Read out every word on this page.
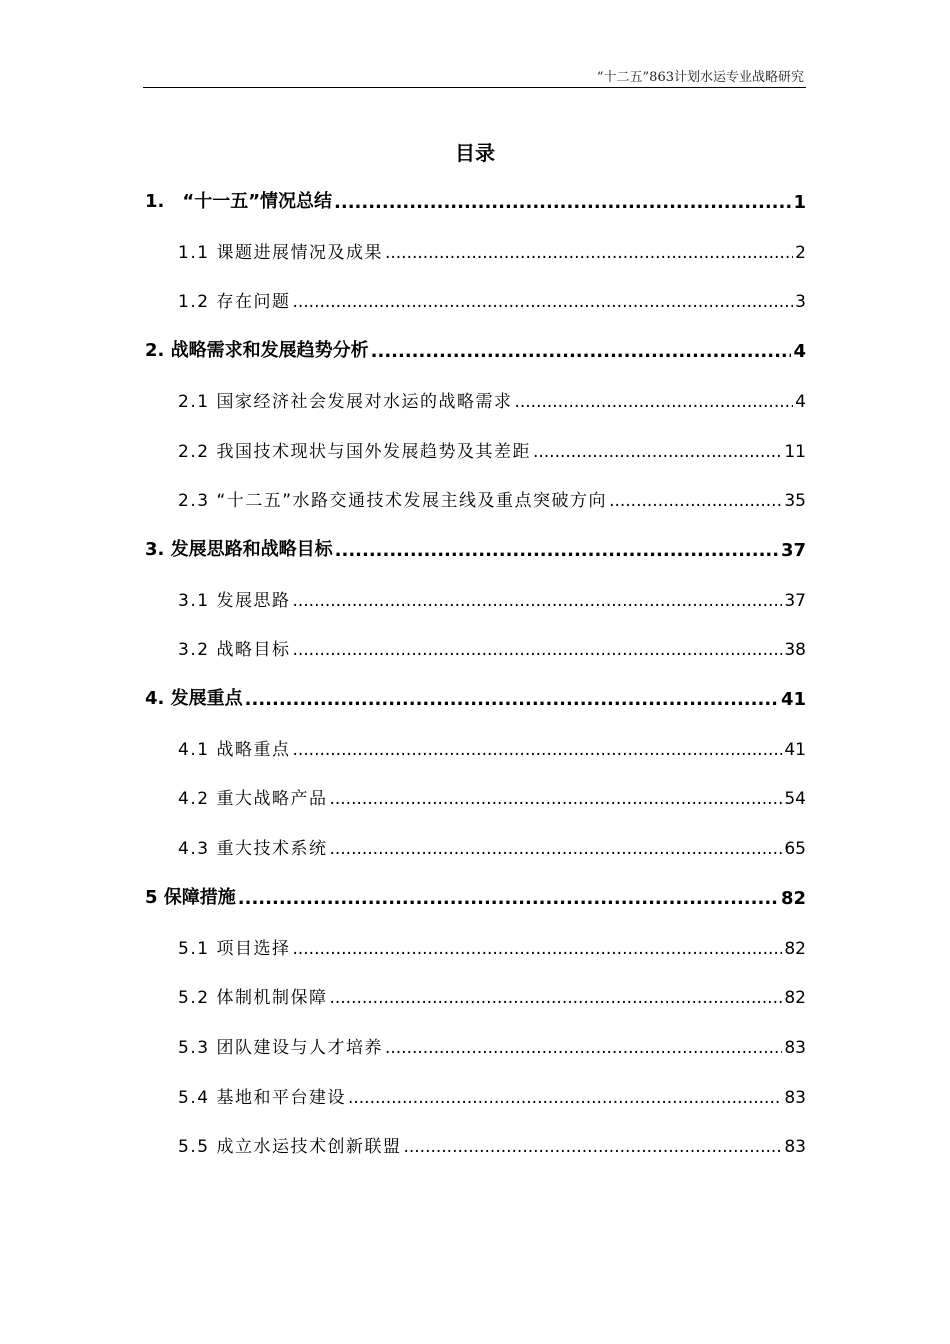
“十二五”863计划水运专业战略研究
目录
1.　“十一五”情况总结 .....	1
1.1 课题进展情况及成果 .....	2
1.2 存在问题 .....	3
2. 战略需求和发展趋势分析 .....	4
2.1 国家经济社会发展对水运的战略需求 .....	4
2.2 我国技术现状与国外发展趋势及其差距 .....	11
2.3 “十二五”水路交通技术发展主线及重点突破方向 .....	35
3. 发展思路和战略目标 .....	37
3.1 发展思路 .....	37
3.2 战略目标 .....	38
4. 发展重点 .....	41
4.1 战略重点 .....	41
4.2 重大战略产品 .....	54
4.3 重大技术系统 .....	65
5 保障措施 .....	82
5.1 项目选择 .....	82
5.2 体制机制保障 .....	82
5.3 团队建设与人才培养 .....	83
5.4 基地和平台建设 .....	83
5.5 成立水运技术创新联盟 .....	83
